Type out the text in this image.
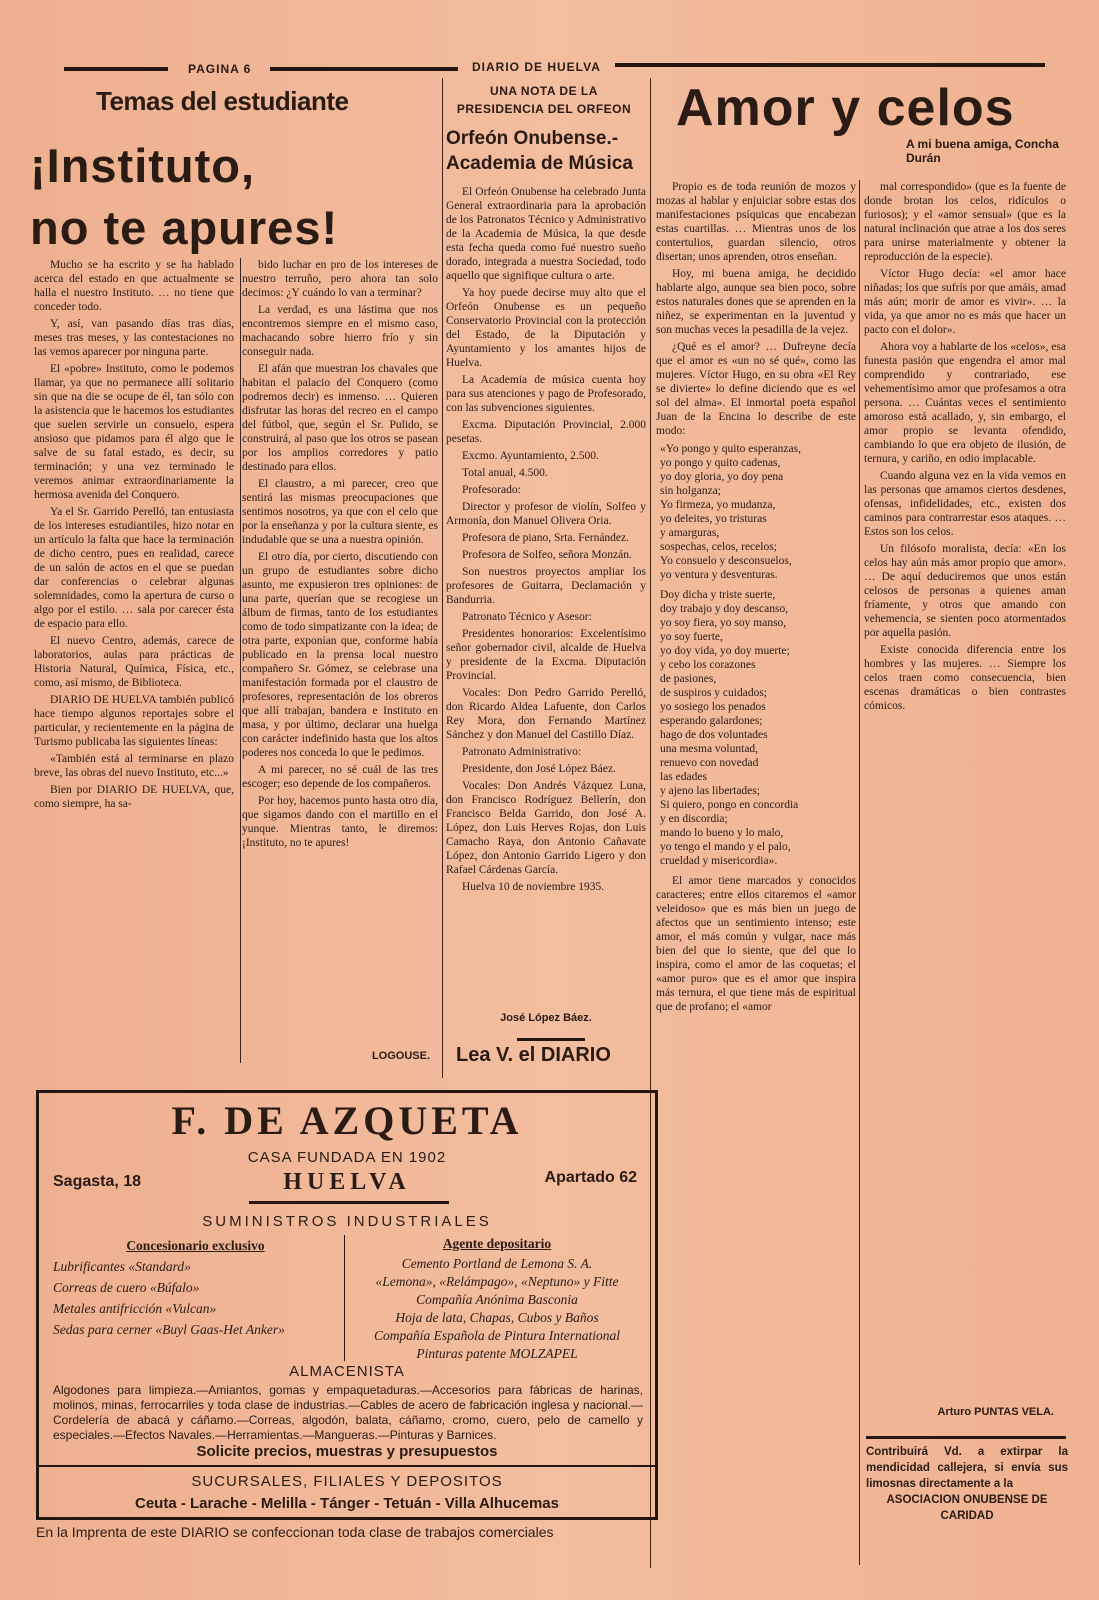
PAGINA 6	DIARIO DE HUELVA
Temas del estudiante
¡Instituto,
no te apures!

Mucho se ha escrito y se ha hablado acerca del estado en que actualmente se halla el nuestro Instituto. … no tiene que conceder todo.

Y, así, van pasando días tras días, meses tras meses, y las contestaciones no las vemos aparecer por ninguna parte.

El «pobre» Instituto, como le podemos llamar, ya que no permanece allí solitario sin que na die se ocupe de él, tan sólo con la asistencia que le hacemos los estudiantes que suelen servirle un consuelo, espera ansioso que pidamos para él algo que le salve de su fatal estado, es decir, su terminación; y una vez terminado le veremos animar extraordinariamente la hermosa avenida del Conquero.

Ya el Sr. Garrido Perelló, tan entusiasta de los intereses estudiantiles, hizo notar en un artículo la falta que hace la terminación de dicho centro, pues en realidad, carece de un salón de actos en el que se puedan dar conferencias o celebrar algunas solemnidades, como la apertura de curso o algo por el estilo. … sala por carecer ésta de espacio para ello.

El nuevo Centro, además, carece de laboratorios, aulas para prácticas de Historia Natural, Química, Física, etc., como, así mismo, de Biblioteca.

DIARIO DE HUELVA también publicó hace tiempo algunos reportajes sobre el particular, y recientemente en la página de Turismo publicaba las siguientes líneas:

«También está al terminarse en plazo breve, las obras del nuevo Instituto, etc...»

Bien por DIARIO DE HUELVA, que, como siempre, ha sa-

bido luchar en pro de los intereses de nuestro terruño, pero ahora tan solo decimos: ¿Y cuándo lo van a terminar?

La verdad, es una lástima que nos encontremos siempre en el mismo caso, machacando sobre hierro frío y sin conseguir nada.

El afán que muestran los chavales que habitan el palacio del Conquero (como podremos decir) es inmenso. … Quieren disfrutar las horas del recreo en el campo del fútbol, que, según el Sr. Pulido, se construirá, al paso que los otros se pasean por los amplios corredores y patio destinado para ellos.

El claustro, a mi parecer, creo que sentirá las mismas preocupaciones que sentimos nosotros, ya que con el celo que por la enseñanza y por la cultura siente, es indudable que se una a nuestra opinión.

El otro día, por cierto, discutiendo con un grupo de estudiantes sobre dicho asunto, me expusieron tres opiniones: de una parte, querían que se recogiese un álbum de firmas, tanto de los estudiantes como de todo simpatizante con la idea; de otra parte, exponían que, conforme había publicado en la prensa local nuestro compañero Sr. Gómez, se celebrase una manifestación formada por el claustro de profesores, representación de los obreros que allí trabajan, bandera e Instituto en masa, y por último, declarar una huelga con carácter indefinido hasta que los altos poderes nos conceda lo que le pedimos.

A mi parecer, no sé cuál de las tres escoger; eso depende de los compañeros.

Por hoy, hacemos punto hasta otro día, que sigamos dando con el martillo en el yunque. Mientras tanto, le diremos: ¡Instituto, no te apures!

LOGOUSE.
UNA NOTA DE LA PRESIDENCIA DEL ORFEON
Orfeón Onubense.- Academia de Música

El Orfeón Onubense ha celebrado Junta General extraordinaria para la aprobación de los Patronatos Técnico y Administrativo de la Academia de Música, la que desde esta fecha queda como fué nuestro sueño dorado, integrada a nuestra Sociedad, todo aquello que signifique cultura o arte.

Ya hoy puede decirse muy alto que el Orfeón Onubense es un pequeño Conservatorio Provincial con la protección del Estado, de la Diputación y Ayuntamiento y los amantes hijos de Huelva.

La Academia de música cuenta hoy para sus atenciones y pago de Profesorado, con las subvenciones siguientes.

Excma. Diputación Provincial, 2.000 pesetas.

Excmo. Ayuntamiento, 2.500.

Total anual, 4.500.

Profesorado:

Director y profesor de violín, Solfeo y Armonía, don Manuel Olivera Oria.

Profesora de piano, Srta. Fernández.

Profesora de Solfeo, señora Monzán.

Son nuestros proyectos ampliar los profesores de Guitarra, Declamación y Bandurria.

Patronato Técnico y Asesor:

Presidentes honorarios: Excelentísimo señor gobernador civil, alcalde de Huelva y presidente de la Excma. Diputación Provincial.

Vocales: Don Pedro Garrido Perelló, don Ricardo Aldea Lafuente, don Carlos Rey Mora, don Fernando Martínez Sánchez y don Manuel del Castillo Díaz.

Patronato Administrativo:

Presidente, don José López Báez.

Vocales: Don Andrés Vázquez Luna, don Francisco Rodríguez Bellerín, don Francisco Belda Garrido, don José A. López, don Luis Herves Rojas, don Luis Camacho Raya, don Antonio Cañavate López, don Antonio Garrido Ligero y don Rafael Cárdenas García.

Huelva 10 de noviembre 1935.

José López Báez.
Lea V. el DIARIO
Amor y celos
A mi buena amiga, Concha Durán

Propio es de toda reunión de mozos y mozas al hablar y enjuiciar sobre estas dos manifestaciones psíquicas que encabezan estas cuartillas. … Mientras unos de los contertulios, guardan silencio, otros disertan; unos aprenden, otros enseñan.

Hoy, mi buena amiga, he decidido hablarte algo, aunque sea bien poco, sobre estos naturales dones que se aprenden en la niñez, se experimentan en la juventud y son muchas veces la pesadilla de la vejez.

¿Qué es el amor? … Dufreyne decía que el amor es «un no sé qué», como las mujeres. Víctor Hugo, en su obra «El Rey se divierte» lo define diciendo que es «el sol del alma». El inmortal poeta español Juan de la Encina lo describe de este modo:

«Yo pongo y quito esperanzas,

yo pongo y quito cadenas,

yo doy gloria, yo doy pena

sin holganza;

Yo firmeza, yo mudanza,

yo deleites, yo tristuras

y amarguras,

sospechas, celos, recelos;

Yo consuelo y desconsuelos,

yo ventura y desventuras.

Doy dicha y triste suerte,

doy trabajo y doy descanso,

yo soy fiera, yo soy manso,

yo soy fuerte,

yo doy vida, yo doy muerte;

y cebo los corazones

de pasiones,

de suspiros y cuidados;

yo sosiego los penados

esperando galardones;

hago de dos voluntades

una mesma voluntad,

renuevo con novedad

las edades

y ajeno las libertades;

Si quiero, pongo en concordia

y en discordia;

mando lo bueno y lo malo,

yo tengo el mando y el palo,

crueldad y misericordia».

El amor tiene marcados y conocidos caracteres; entre ellos citaremos el «amor veleidoso» que es más bien un juego de afectos que un sentimiento intenso; este amor, el más común y vulgar, nace más bien del que lo siente, que del que lo inspira, como el amor de las coquetas; el «amor puro» que es el amor que inspira más ternura, el que tiene más de espiritual que de profano; el «amor

mal correspondido» (que es la fuente de donde brotan los celos, ridículos o furiosos); y el «amor sensual» (que es la natural inclinación que atrae a los dos seres para unirse materialmente y obtener la reproducción de la especie).

Víctor Hugo decía: «el amor hace niñadas; los que sufrís por que amáis, amad más aún; morir de amor es vivir». … la vida, ya que amor no es más que hacer un pacto con el dolor».

Ahora voy a hablarte de los «celos», esa funesta pasión que engendra el amor mal comprendido y contrariado, ese vehementísimo amor que profesamos a otra persona. … Cuántas veces el sentimiento amoroso está acallado, y, sin embargo, el amor propio se levanta ofendido, cambiando lo que era objeto de ilusión, de ternura, y cariño, en odio implacable.

Cuando alguna vez en la vida vemos en las personas que amamos ciertos desdenes, ofensas, infidelidades, etc., existen dos caminos para contrarrestar esos ataques. … Estos son los celos.

Un filósofo moralista, decía: «En los celos hay aún más amor propio que amor». … De aquí deduciremos que unos están celosos de personas a quienes aman fríamente, y otros que amando con vehemencia, se sienten poco atormentados por aquella pasión.

Existe conocida diferencia entre los hombres y las mujeres. … Siempre los celos traen como consecuencia, bien escenas dramáticas o bien contrastes cómicos.

Arturo PUNTAS VELA.
Contribuirá Vd. a extirpar la mendicidad callejera, si envía sus limosnas directamente a la
ASOCIACION ONUBENSE DE CARIDAD
F. DE AZQUETA
CASA FUNDADA EN 1902
Sagasta, 18	HUELVA	Apartado 62
SUMINISTROS INDUSTRIALES
Concesionario exclusivo
Lubrificantes «Standard»
Correas de cuero «Búfalo»
Metales antifricción «Vulcan»
Sedas para cerner «Buyl Gaas-Het Anker»
Agente depositario
Cemento Portland de Lemona S. A.
«Lemona», «Relámpago», «Neptuno» y Fitte
Compañía Anónima Basconia
Hoja de lata, Chapas, Cubos y Baños
Compañía Española de Pintura International
Pinturas patente MOLZAPEL
ALMACENISTA
Algodones para limpieza.—Amiantos, gomas y empaquetaduras.—Accesorios para fábricas de harinas, molinos, minas, ferrocarriles y toda clase de industrias.—Cables de acero de fabricación inglesa y nacional.—Cordelería de abacá y cáñamo.—Correas, algodón, balata, cáñamo, cromo, cuero, pelo de camello y especiales.—Efectos Navales.—Herramientas.—Mangueras.—Pinturas y Barnices.
Solicite precios, muestras y presupuestos
SUCURSALES, FILIALES Y DEPOSITOS
Ceuta - Larache - Melilla - Tánger - Tetuán - Villa Alhucemas
En la Imprenta de este DIARIO se confeccionan toda clase de trabajos comerciales
